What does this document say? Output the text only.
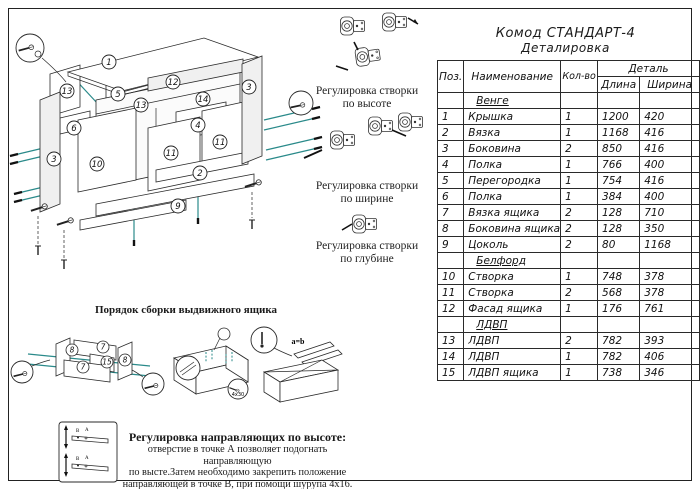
1
13	5
13
12
14
3
6	4
10
11
11
3
2
9
Регулировка створки
по высоте
Регулировка створки
по ширине
Регулировка створки
по глубине
Комод СТАНДАРТ-4
Деталировка
Поз.	Наименование	Кол-во	Деталь	
			Длина	Ширина
	Венге			
1	Крышка	1	1200	420
2	Вязка	1	1168	416
3	Боковина	2	850	416
4	Полка	1	766	400
5	Перегородка	1	754	416
6	Полка	1	384	400
7	Вязка ящика	2	128	710
8	Боковина ящика	2	128	350
9	Цоколь	2	80	1168
	Белфорд			
10	Створка	1	748	378
11	Створка	2	568	378
12	Фасад ящика	1	176	761
	ЛДВП			
13	ЛДВП	2	782	393
14	ЛДВП	1	782	406
15	ЛДВП ящика	1	738	346
Порядок сборки выдвижного ящика
8	7
7
15 8
4x30
a=b
В А
В А
Регулировка направляющих по высоте:
отверстие в точке А позволяет подогнать направляющую
по высте.Затем необходимо закрепить положение
направляющей в точке В, при помощи шурупа 4х16.
